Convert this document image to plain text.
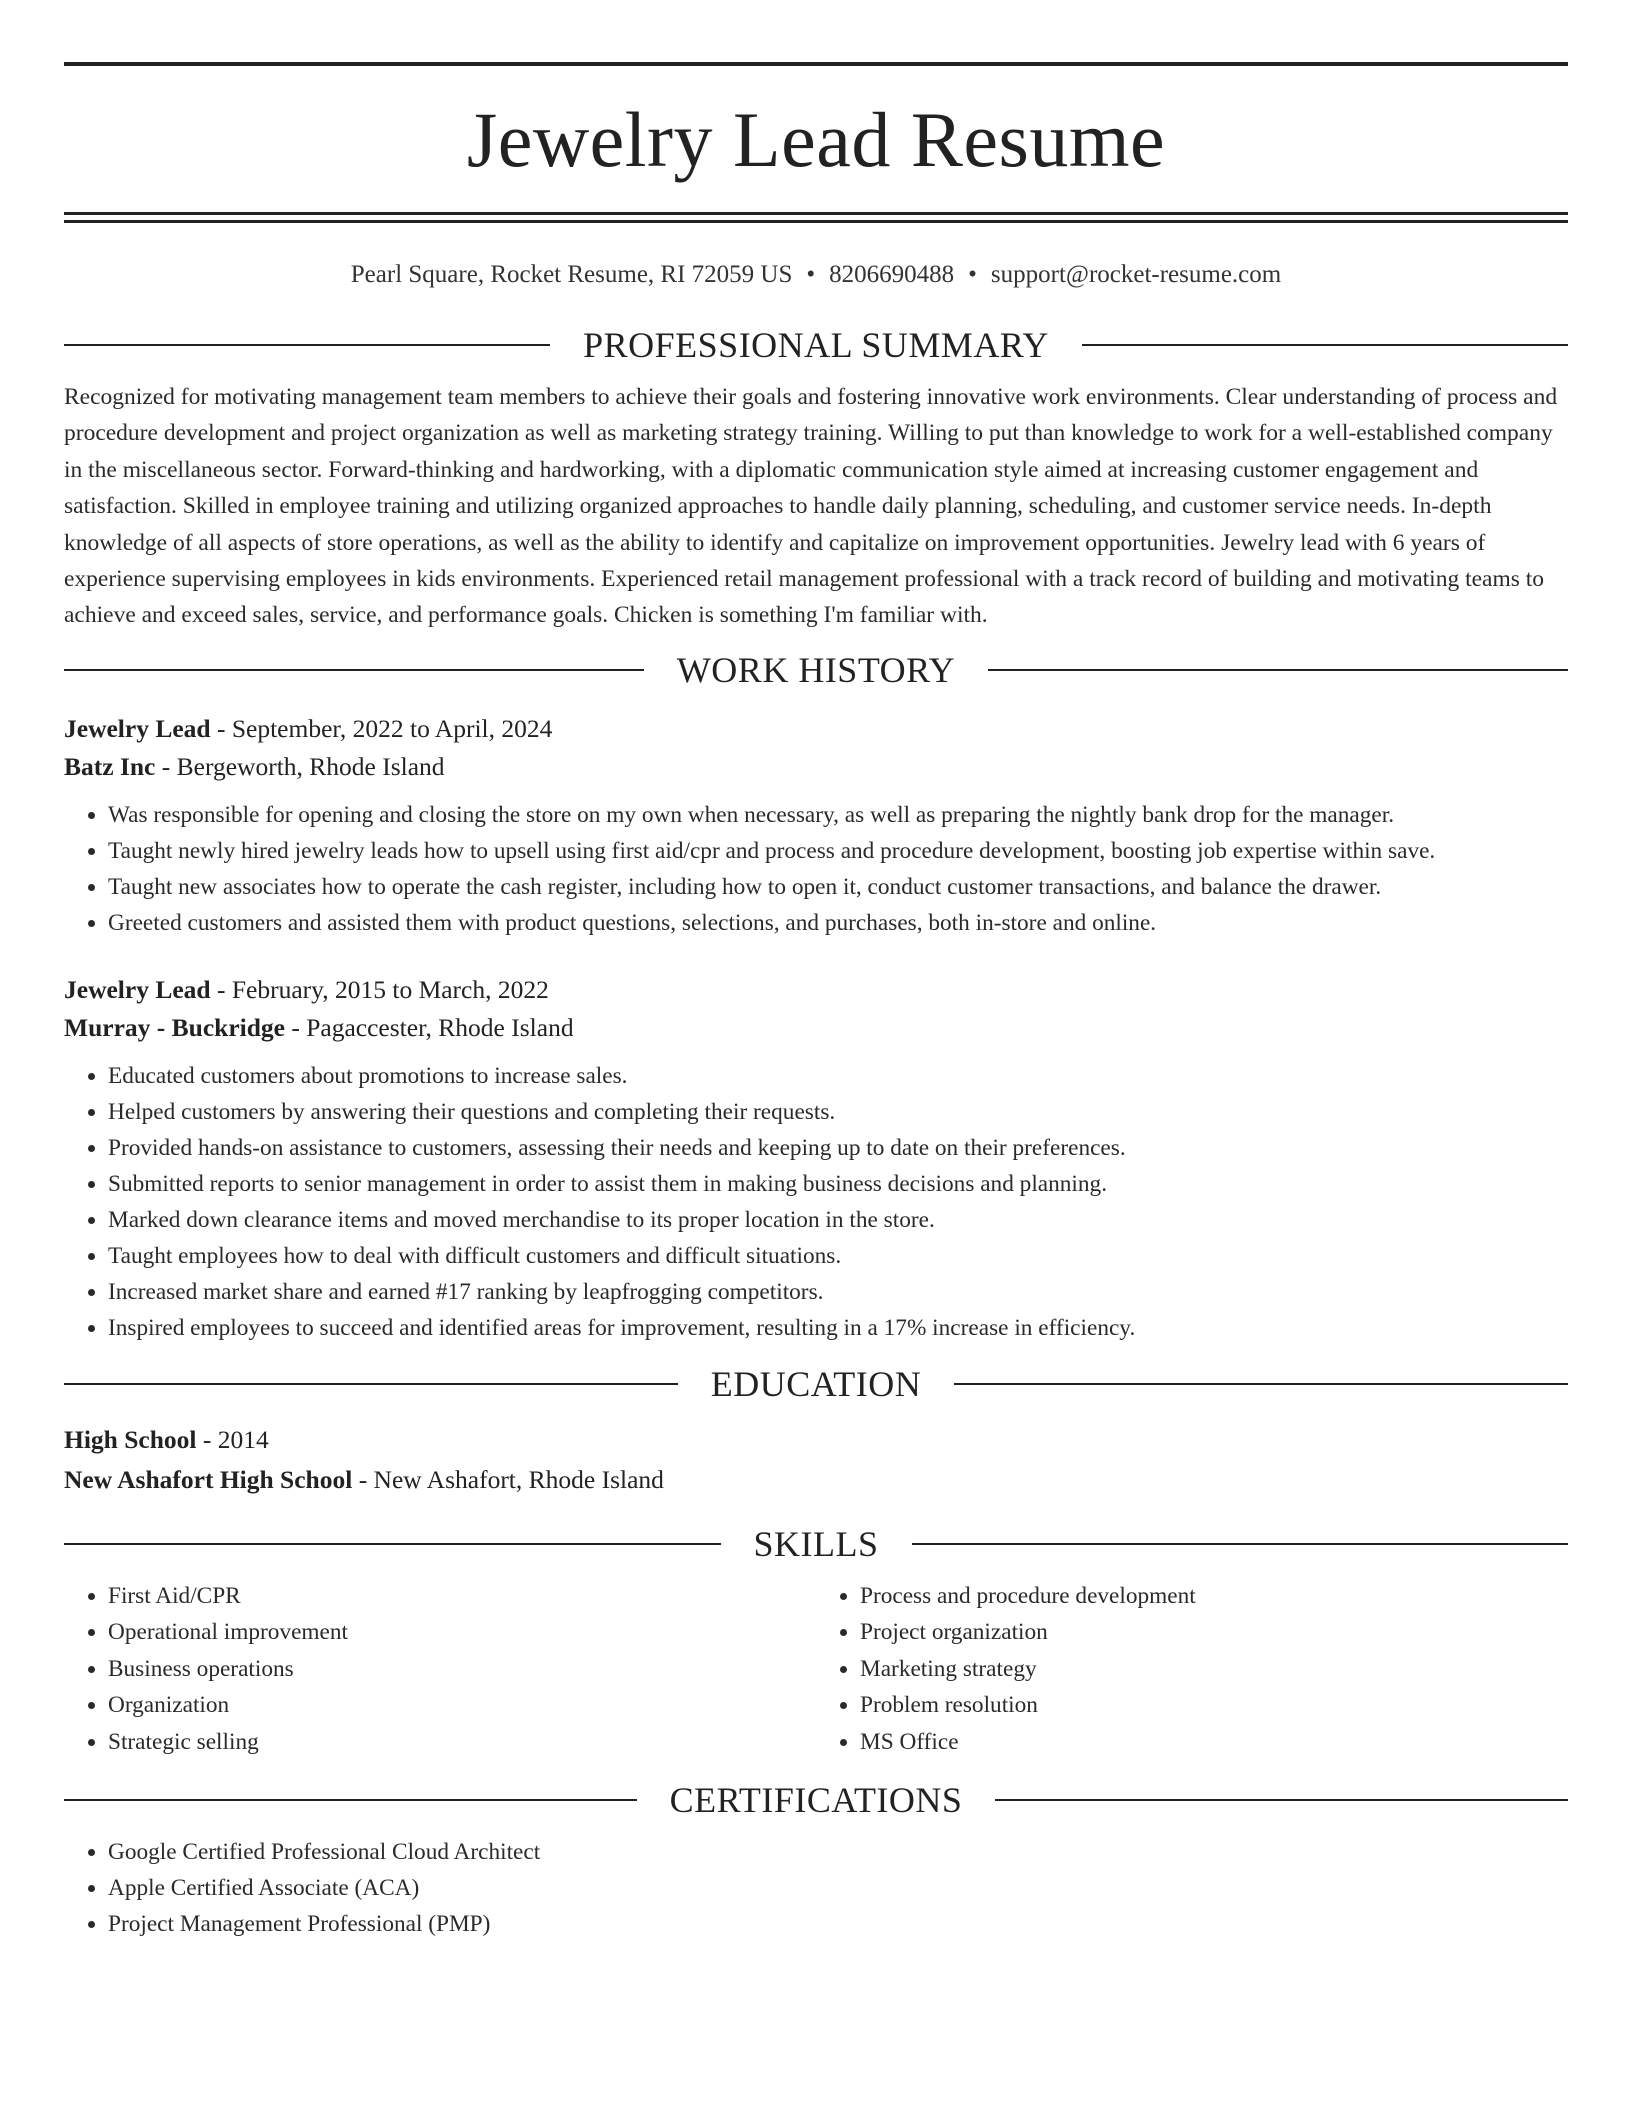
Jewelry Lead Resume
Pearl Square, Rocket Resume, RI 72059 US • 8206690488 • support@rocket-resume.com
PROFESSIONAL SUMMARY

Recognized for motivating management team members to achieve their goals and fostering innovative work environments. Clear understanding of process and procedure development and project organization as well as marketing strategy training. Willing to put than knowledge to work for a well-established company in the miscellaneous sector. Forward-thinking and hardworking, with a diplomatic communication style aimed at increasing customer engagement and satisfaction. Skilled in employee training and utilizing organized approaches to handle daily planning, scheduling, and customer service needs. In-depth knowledge of all aspects of store operations, as well as the ability to identify and capitalize on improvement opportunities. Jewelry lead with 6 years of experience supervising employees in kids environments. Experienced retail management professional with a track record of building and motivating teams to achieve and exceed sales, service, and performance goals. Chicken is something I'm familiar with.

WORK HISTORY
Jewelry Lead - September, 2022 to April, 2024
Batz Inc - Bergeworth, Rhode Island
• Was responsible for opening and closing the store on my own when necessary, as well as preparing the nightly bank drop for the manager.
• Taught newly hired jewelry leads how to upsell using first aid/cpr and process and procedure development, boosting job expertise within save.
• Taught new associates how to operate the cash register, including how to open it, conduct customer transactions, and balance the drawer.
• Greeted customers and assisted them with product questions, selections, and purchases, both in-store and online.
Jewelry Lead - February, 2015 to March, 2022
Murray - Buckridge - Pagaccester, Rhode Island
• Educated customers about promotions to increase sales.
• Helped customers by answering their questions and completing their requests.
• Provided hands-on assistance to customers, assessing their needs and keeping up to date on their preferences.
• Submitted reports to senior management in order to assist them in making business decisions and planning.
• Marked down clearance items and moved merchandise to its proper location in the store.
• Taught employees how to deal with difficult customers and difficult situations.
• Increased market share and earned #17 ranking by leapfrogging competitors.
• Inspired employees to succeed and identified areas for improvement, resulting in a 17% increase in efficiency.
EDUCATION
High School - 2014
New Ashafort High School - New Ashafort, Rhode Island
SKILLS
• First Aid/CPR
• Operational improvement
• Business operations
• Organization
• Strategic selling
• Process and procedure development
• Project organization
• Marketing strategy
• Problem resolution
• MS Office
CERTIFICATIONS
• Google Certified Professional Cloud Architect
• Apple Certified Associate (ACA)
• Project Management Professional (PMP)
